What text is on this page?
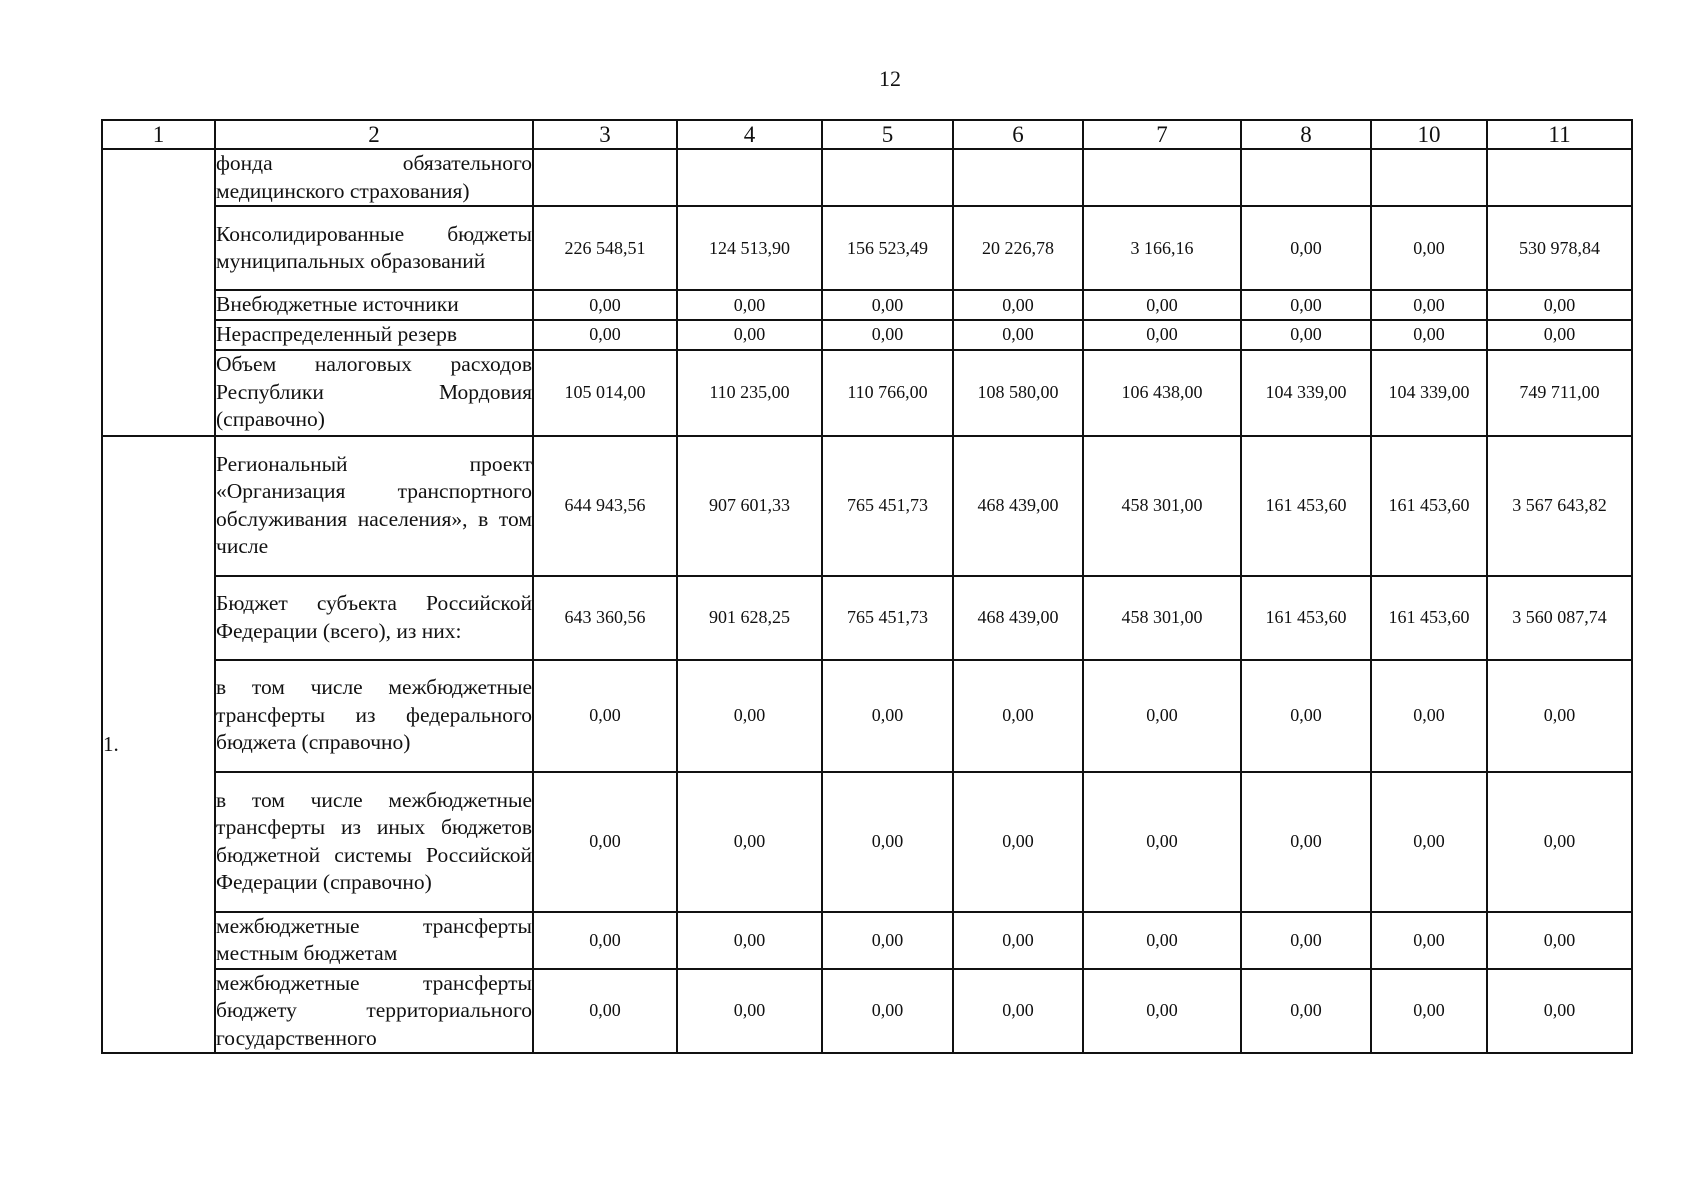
12
1	2	3	4	5	6	7	8	10	11
	фонда обязательного медицинского страхования)								
	Консолидированные бюджеты муниципальных образований	226 548,51	124 513,90	156 523,49	20 226,78	3 166,16	0,00	0,00	530 978,84
	Внебюджетные источники	0,00	0,00	0,00	0,00	0,00	0,00	0,00	0,00
	Нераспределенный резерв	0,00	0,00	0,00	0,00	0,00	0,00	0,00	0,00
	Объем налоговых расходов Республики Мордовия (справочно)	105 014,00	110 235,00	110 766,00	108 580,00	106 438,00	104 339,00	104 339,00	749 711,00
1.	Региональный проект «Организация транспортного обслуживания населения», в том числе	644 943,56	907 601,33	765 451,73	468 439,00	458 301,00	161 453,60	161 453,60	3 567 643,82
	Бюджет субъекта Российской Федерации (всего), из них:	643 360,56	901 628,25	765 451,73	468 439,00	458 301,00	161 453,60	161 453,60	3 560 087,74
	в том числе межбюджетные трансферты из федерального бюджета (справочно)	0,00	0,00	0,00	0,00	0,00	0,00	0,00	0,00
	в том числе межбюджетные трансферты из иных бюджетов бюджетной системы Российской Федерации (справочно)	0,00	0,00	0,00	0,00	0,00	0,00	0,00	0,00
	межбюджетные трансферты местным бюджетам	0,00	0,00	0,00	0,00	0,00	0,00	0,00	0,00
	межбюджетные трансферты бюджету территориального государственного	0,00	0,00	0,00	0,00	0,00	0,00	0,00	0,00
